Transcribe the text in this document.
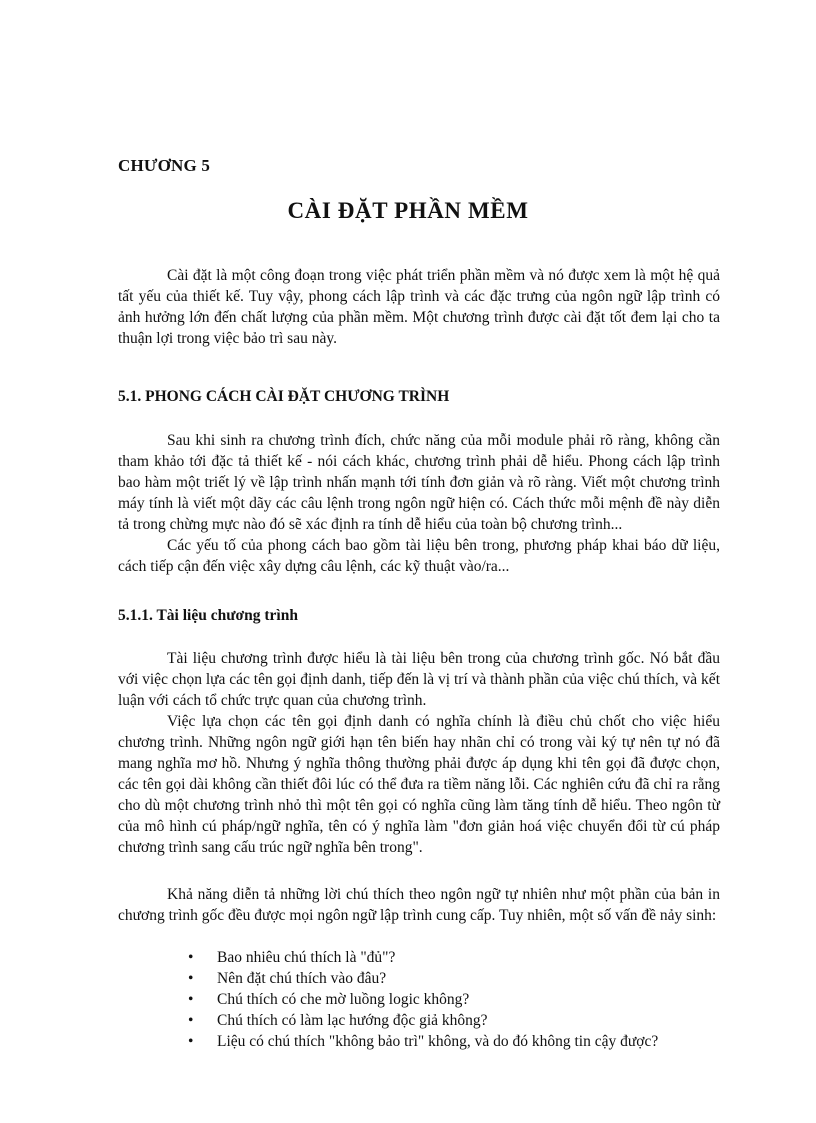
CHƯƠNG 5
CÀI ĐẶT PHẦN MỀM

Cài đặt là một công đoạn trong việc phát triển phần mềm và nó được xem là một hệ quả tất yếu của thiết kế. Tuy vậy, phong cách lập trình và các đặc trưng của ngôn ngữ lập trình có ảnh hưởng lớn đến chất lượng của phần mềm. Một chương trình được cài đặt tốt đem lại cho ta thuận lợi trong việc bảo trì sau này.

5.1. PHONG CÁCH CÀI ĐẶT CHƯƠNG TRÌNH

Sau khi sinh ra chương trình đích, chức năng của mỗi module phải rõ ràng, không cần tham khảo tới đặc tả thiết kế - nói cách khác, chương trình phải dễ hiểu. Phong cách lập trình bao hàm một triết lý về lập trình nhấn mạnh tới tính đơn giản và rõ ràng. Viết một chương trình máy tính là viết một dãy các câu lệnh trong ngôn ngữ hiện có. Cách thức mỗi mệnh đề này diễn tả trong chừng mực nào đó sẽ xác định ra tính dễ hiểu của toàn bộ chương trình...

Các yếu tố của phong cách bao gồm tài liệu bên trong, phương pháp khai báo dữ liệu, cách tiếp cận đến việc xây dựng câu lệnh, các kỹ thuật vào/ra...

5.1.1. Tài liệu chương trình

Tài liệu chương trình được hiểu là tài liệu bên trong của chương trình gốc. Nó bắt đầu với việc chọn lựa các tên gọi định danh, tiếp đến là vị trí và thành phần của việc chú thích, và kết luận với cách tổ chức trực quan của chương trình.

Việc lựa chọn các tên gọi định danh có nghĩa chính là điều chủ chốt cho việc hiểu chương trình. Những ngôn ngữ giới hạn tên biến hay nhãn chỉ có trong vài ký tự nên tự nó đã mang nghĩa mơ hồ. Nhưng ý nghĩa thông thường phải được áp dụng khi tên gọi đã được chọn, các tên gọi dài không cần thiết đôi lúc có thể đưa ra tiềm năng lỗi. Các nghiên cứu đã chỉ ra rằng cho dù một chương trình nhỏ thì một tên gọi có nghĩa cũng làm tăng tính dễ hiểu. Theo ngôn từ của mô hình cú pháp/ngữ nghĩa, tên có ý nghĩa làm "đơn giản hoá việc chuyển đổi từ cú pháp chương trình sang cấu trúc ngữ nghĩa bên trong".

Khả năng diễn tả những lời chú thích theo ngôn ngữ tự nhiên như một phần của bản in chương trình gốc đều được mọi ngôn ngữ lập trình cung cấp. Tuy nhiên, một số vấn đề nảy sinh:

• Bao nhiêu chú thích là "đủ"?
• Nên đặt chú thích vào đâu?
• Chú thích có che mờ luồng logic không?
• Chú thích có làm lạc hướng độc giả không?
• Liệu có chú thích "không bảo trì" không, và do đó không tin cậy được?
